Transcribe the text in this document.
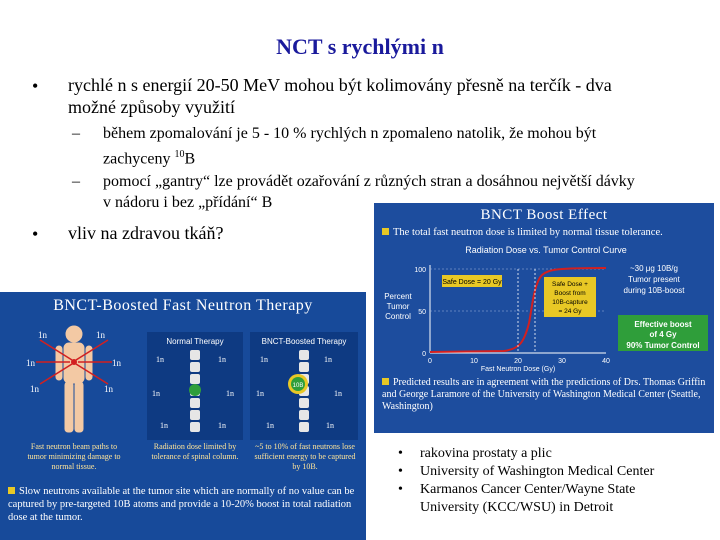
NCT s rychlými n
• rychlé n s energií 20-50 MeV mohou být kolimovány přesně na terčík - dva
možné způsoby využití
– během zpomalování je 5 - 10 % rychlých n zpomaleno natolik, že mohou být
zachyceny $^{10}$B
– pomocí „gantry“ lze provádět ozařování z různých stran a dosáhnou největší dávky
v nádoru i bez „přídání“ B
• vliv na zdravou tkáň?
BNCT Boost Effect
The total fast neutron dose is limited by normal tissue tolerance.
Radiation Dose vs. Tumor Control Curve
100
50
0
0	10	20	30	40
Fast Neutron Dose (Gy)
Percent
Tumor
Control
Safe Dose = 20 Gy	Safe Dose +
Boost from
10B-capture
= 24 Gy
~30 μg 10B/g
Tumor present
during 10B-boost
Effective boost
of 4 Gy
90% Tumor Control
Predicted results are in agreement with the predictions of Drs. Thomas Griffin and George Laramore of the University of Washington Medical Center (Seattle, Washington)
BNCT-Boosted Fast Neutron Therapy
1n	1n
1n	1n
1n	1n
Normal Therapy
1n	1n
1n	1n
1n	1n
BNCT-Boosted Therapy
10B
1n	1n
1n	1n
1n	1n
Fast neutron beam paths to tumor minimizing damage to normal tissue.
Radiation dose limited by tolerance of spinal column.
~5 to 10% of fast neutrons lose sufficient energy to be captured by 10B.
Slow neutrons available at the tumor site which are normally of no value can be captured by pre-targeted 10B atoms and provide a 10-20% boost in total radiation dose at the tumor.
• rakovina prostaty a plic
• University of Washington Medical Center
• Karmanos Cancer Center/Wayne State
University (KCC/WSU) in Detroit
